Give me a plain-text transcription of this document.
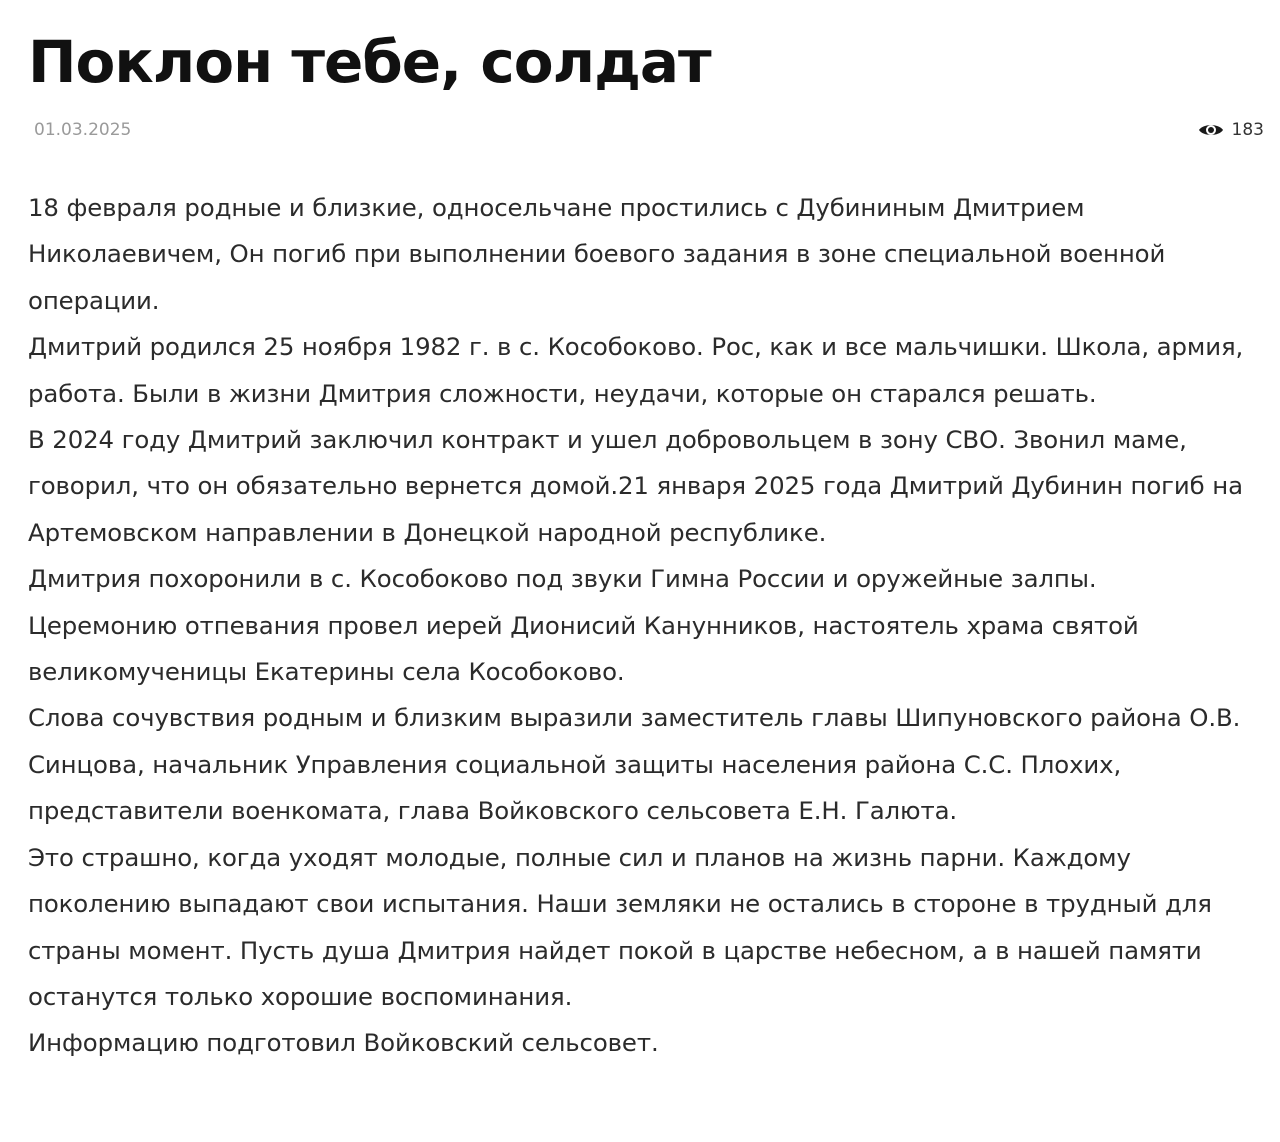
Поклон тебе, солдат
01.03.2025	183

18 февраля родные и близкие, односельчане простились с Дубининым Дмитрием Николаевичем, Он погиб при выполнении боевого задания в зоне специальной военной операции.

Дмитрий родился 25 ноября 1982 г. в с. Кособоково. Рос, как и все мальчишки. Школа, армия, работа. Были в жизни Дмитрия сложности, неудачи, которые он старался решать.

В 2024 году Дмитрий заключил контракт и ушел добровольцем в зону СВО. Звонил маме, говорил, что он обязательно вернется домой.21 января 2025 года Дмитрий Дубинин погиб на Артемовском направлении в Донецкой народной республике.

Дмитрия похоронили в с. Кособоково под звуки Гимна России и оружейные залпы.

Церемонию отпевания провел иерей Дионисий Канунников, настоятель храма святой великомученицы Екатерины села Кособоково.

Слова сочувствия родным и близким выразили заместитель главы Шипуновского района О.В. Синцова, начальник Управления социальной защиты населения района С.С. Плохих, представители военкомата, глава Войковского сельсовета Е.Н. Галюта.

Это страшно, когда уходят молодые, полные сил и планов на жизнь парни. Каждому поколению выпадают свои испытания. Наши земляки не остались в стороне в трудный для страны момент. Пусть душа Дмитрия найдет покой в царстве небесном, а в нашей памяти останутся только хорошие воспоминания.

Информацию подготовил Войковский сельсовет.
